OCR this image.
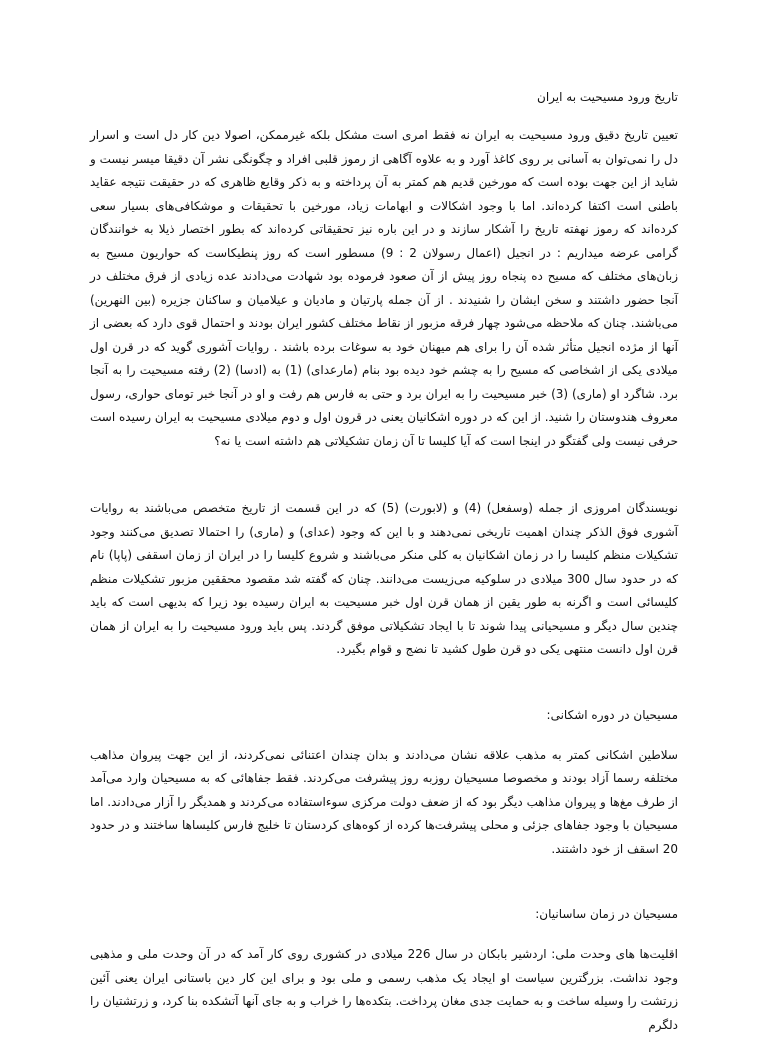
تاریخ ورود مسیحیت به ایران

تعیین تاریخ دقیق ورود مسیحیت به ایران نه فقط امری است مشکل بلکه غیرممکن، اصولا دین کار دل است و اسرار دل را نمی‌توان به آسانی بر روی کاغذ آورد و به علاوه آگاهی از رموز قلبی افراد و چگونگی نشر آن دقیقا میسر نیست و شاید از این جهت بوده است که مورخین قدیم هم کمتر به آن پرداخته و به ذکر وقایع ظاهری که در حقیقت نتیجه عقاید باطنی است اکتفا کرده‌اند. اما با وجود اشکالات و ابهامات زیاد، مورخین با تحقیقات و موشکافی‌های بسیار سعی کرده‌اند که رموز نهفته تاریخ را آشکار سازند و در این باره نیز تحقیقاتی کرده‌اند که بطور اختصار ذیلا به خوانندگان گرامی عرضه میداریم : در انجیل (اعمال رسولان 2 : 9) مسطور است که روز پنطیکاست که حواریون مسیح به زبان‌های مختلف که مسیح ده پنجاه روز پیش از آن صعود فرموده بود شهادت می‌دادند عده زیادی از فرق مختلف در آنجا حضور داشتند و سخن ایشان را شنیدند . از آن جمله پارتیان و مادیان و عیلامیان و ساکنان جزیره (بین النهرین) می‌باشند. چنان که ملاحظه می‌شود چهار فرقه مزبور از نقاط مختلف کشور ایران بودند و احتمال قوی دارد که بعضی از آنها از مژده انجیل متأثر شده آن را برای هم میهنان خود به سوغات برده باشند . روایات آشوری گوید که در قرن اول میلادی یکی از اشخاصی که مسیح را به چشم خود دیده بود بنام (مارعدای) (1) به (ادسا) (2) رفته مسیحیت را به آنجا برد. شاگرد او (ماری) (3) خبر مسیحیت را به ایران برد و حتی به فارس هم رفت و او در آنجا خبر توما‌ی حواری، رسول معروف هندوستان را شنید. از این که در دوره اشکانیان یعنی در قرون اول و دوم میلادی مسیحیت به ایران رسیده است حرفی نیست ولی گفتگو در اینجا است که آیا کلیسا تا آن زمان تشکیلاتی هم داشته است یا نه؟

نویسندگان امروزی از جمله (وسفعل) (4) و (لابورت) (5) که در این قسمت از تاریخ متخصص می‌باشند به روایات آشوری فوق الذکر چندان اهمیت تاریخی نمی‌دهند و با این که وجود (عدای) و (ماری) را احتمالا تصدیق می‌کنند وجود تشکیلات منظم کلیسا را در زمان اشکانیان به کلی منکر می‌باشند و شروع کلیسا را در ایران از زمان اسقفی (پاپا) نام که در حدود سال 300 میلادی در سلوکیه می‌زیست می‌دانند. چنان که گفته شد مقصود محققین مزبور تشکیلات منظم کلیسائی است و اگرنه به طور یقین از همان قرن اول خبر مسیحیت به ایران رسیده بود زیرا که بدیهی است که باید چندین سال دیگر و مسیحیانی پیدا شوند تا با ایجاد تشکیلاتی موفق گردند. پس باید ورود مسیحیت را به ایران از همان قرن اول دانست منتهی یکی دو قرن طول کشید تا نضج و قوام بگیرد.

مسیحیان در دوره اشکانی:

سلاطین اشکانی کمتر به مذهب علاقه نشان می‌دادند و بدان چندان اعتنائی نمی‌کردند، از این جهت پیروان مذاهب مختلفه رسما آزاد بودند و مخصوصا مسیحیان روزبه روز پیشرفت می‌کردند. فقط جفاهائی که به مسیحیان وارد می‌آمد از طرف مغ‌ها و پیروان مذاهب دیگر بود که از ضعف دولت مرکزی سوءاستفاده می‌کردند و همدیگر را آزار می‌دادند. اما مسیحیان با وجود جفاهای جزئی و محلی پیشرفت‌ها کرده از کوه‌های کردستان تا خلیج فارس کلیساها ساختند و در حدود 20 اسقف از خود داشتند.

مسیحیان در زمان ساسانیان:

اقلیت‌ها های وحدت ملی: اردشیر بابکان در سال 226 میلادی در کشوری روی کار آمد که در آن وحدت ملی و مذهبی وجود نداشت. بزرگترین سیاست او ایجاد یک مذهب رسمی و ملی بود و برای این کار دین باستانی ایران یعنی آئین زرتشت را وسیله ساخت و به حمایت جدی مغان پرداخت. بتکده‌ها را خراب و به جای آنها آتشکده بنا کرد، و زرتشتیان را دلگرم
